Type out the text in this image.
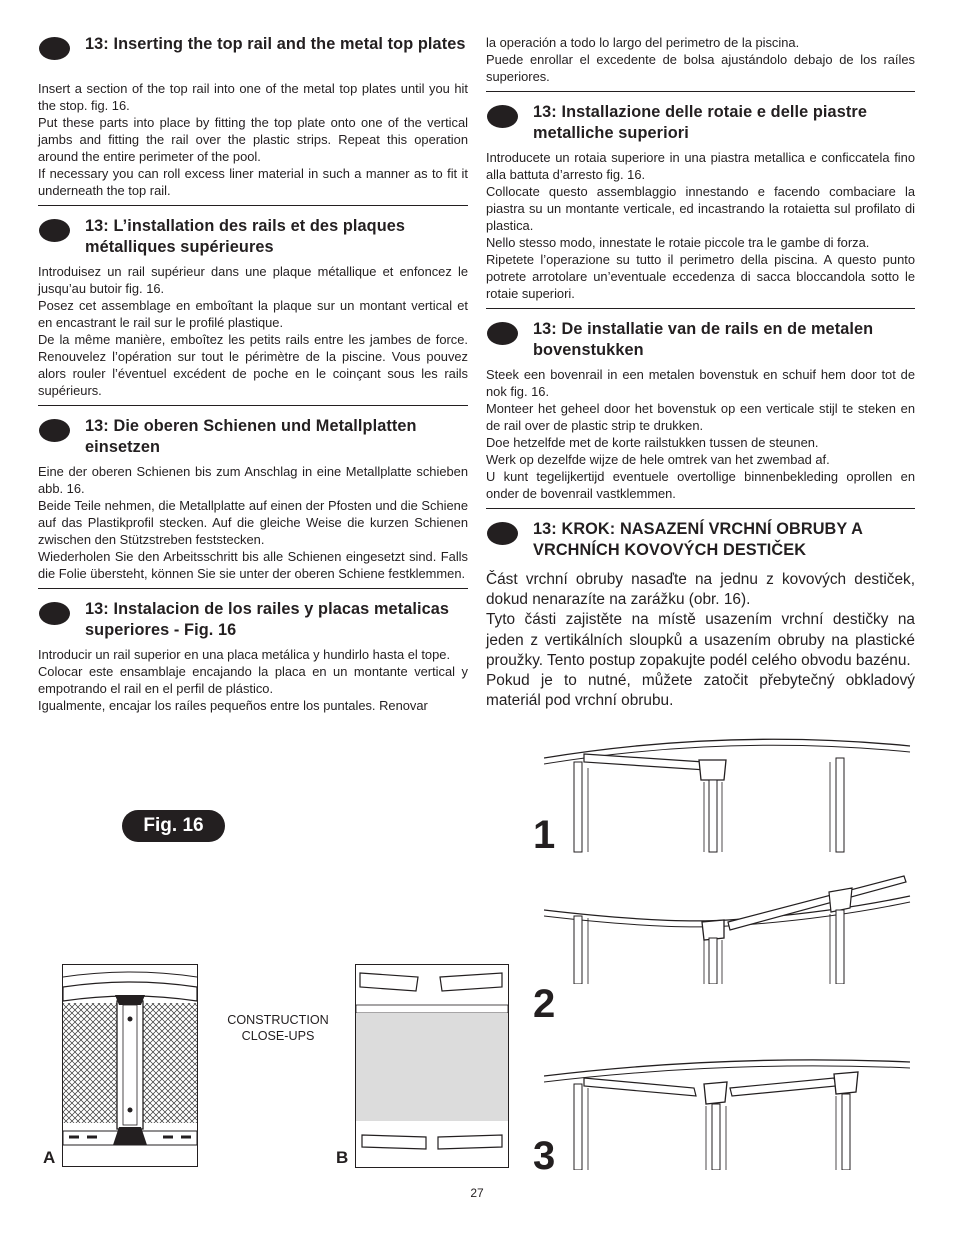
13: Inserting the top rail and the metal top plates

Insert a section of the top rail into one of the metal top plates until you hit the stop. fig. 16.
Put these parts into place by fitting the top plate onto one of the vertical jambs and fitting the rail over the plastic strips. Repeat this operation around the entire perimeter of the pool.
If necessary you can roll excess liner material in such a manner as to fit it underneath the top rail.

13: L’installation des rails et des plaques métalliques supérieures

Introduisez un rail supérieur dans une plaque métallique et enfoncez le jusqu’au butoir fig. 16.
Posez cet assemblage en emboîtant la plaque sur un montant vertical et en encastrant le rail sur le profilé plastique.
De la même manière, emboîtez les petits rails entre les jambes de force. Renouvelez l’opération sur tout le périmètre de la piscine. Vous pouvez alors rouler l’éventuel excédent de poche en le coinçant sous les rails supérieurs.

13: Die oberen Schienen und Metallplatten einsetzen

Eine der oberen Schienen bis zum Anschlag in eine Metallplatte schieben abb. 16.
Beide Teile nehmen, die Metallplatte auf einen der Pfosten und die Schiene auf das Plastikprofil stecken. Auf die gleiche Weise die kurzen Schienen zwischen den Stützstreben feststecken.
Wiederholen Sie den Arbeitsschritt bis alle Schienen eingesetzt sind. Falls die Folie übersteht, können Sie sie unter der oberen Schiene festklemmen.

13: Instalacion de los railes y placas metalicas superiores - Fig. 16

Introducir un rail superior en una placa metálica y hundirlo hasta el tope.
Colocar este ensamblaje encajando la placa en un montante vertical y empotrando el rail en el perfil de plástico.
Igualmente, encajar los raíles pequeños entre los puntales. Renovar

la operación a todo lo largo del perimetro de la piscina.
Puede enrollar el excedente de bolsa ajustándolo debajo de los raíles superiores.

13: Installazione delle rotaie e delle piastre metalliche superiori

Introducete un rotaia superiore in una piastra metallica e conficcatela fino alla battuta d’arresto fig. 16.
Collocate questo assemblaggio innestando e facendo combaciare la piastra su un montante verticale, ed incastrando la rotaietta sul profilato di plastica.
Nello stesso modo, innestate le rotaie piccole tra le gambe di forza.
Ripetete l’operazione su tutto il perimetro della piscina. A questo punto potrete arrotolare un’eventuale eccedenza di sacca bloccandola sotto le rotaie superiori.

13: De installatie van de rails en de metalen bovenstukken

Steek een bovenrail in een metalen bovenstuk en schuif hem door tot de nok fig. 16.
Monteer het geheel door het bovenstuk op een verticale stijl te steken en de rail over de plastic strip te drukken.
Doe hetzelfde met de korte railstukken tussen de steunen.
Werk op dezelfde wijze de hele omtrek van het zwembad af.
U kunt tegelijkertijd eventuele overtollige binnenbekleding oprollen en onder de bovenrail vastklemmen.

13: KROK: NASAZENÍ VRCHNÍ OBRUBY A VRCHNÍCH KOVOVÝCH DESTIČEK

Část vrchní obruby nasaďte na jednu z kovových destiček, dokud nenarazíte na zarážku (obr. 16).
Tyto části zajistěte na místě usazením vrchní destičky na jeden z vertikálních sloupků a usazením obruby na plastické proužky. Tento postup zopakujte podél celého obvodu bazénu.
Pokud je to nutné, můžete zatočit přebytečný obkladový materiál pod vrchní obrubu.

Fig. 16
A
CONSTRUCTION
CLOSE-UPS
B
1
2
3
27
